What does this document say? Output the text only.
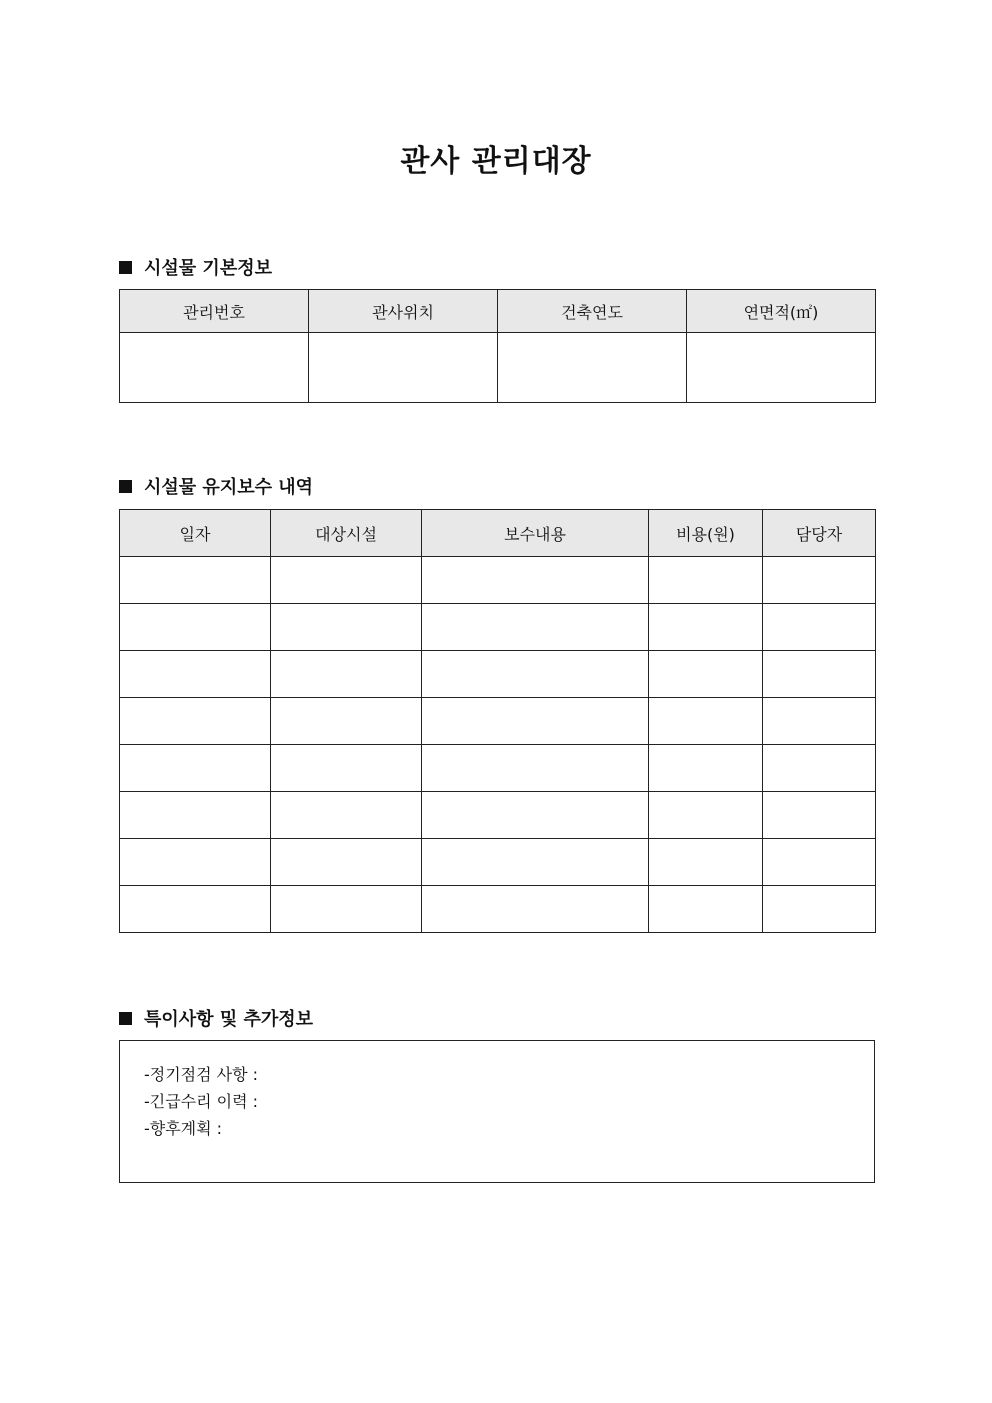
관사 관리대장
시설물 기본정보
관리번호	관사위치	건축연도	연면적(㎡)

시설물 유지보수 내역
일자	대상시설	보수내용	비용(원)	담당자

특이사항 및 추가정보
-정기점검 사항 :
-긴급수리 이력 :
-향후계획 :
